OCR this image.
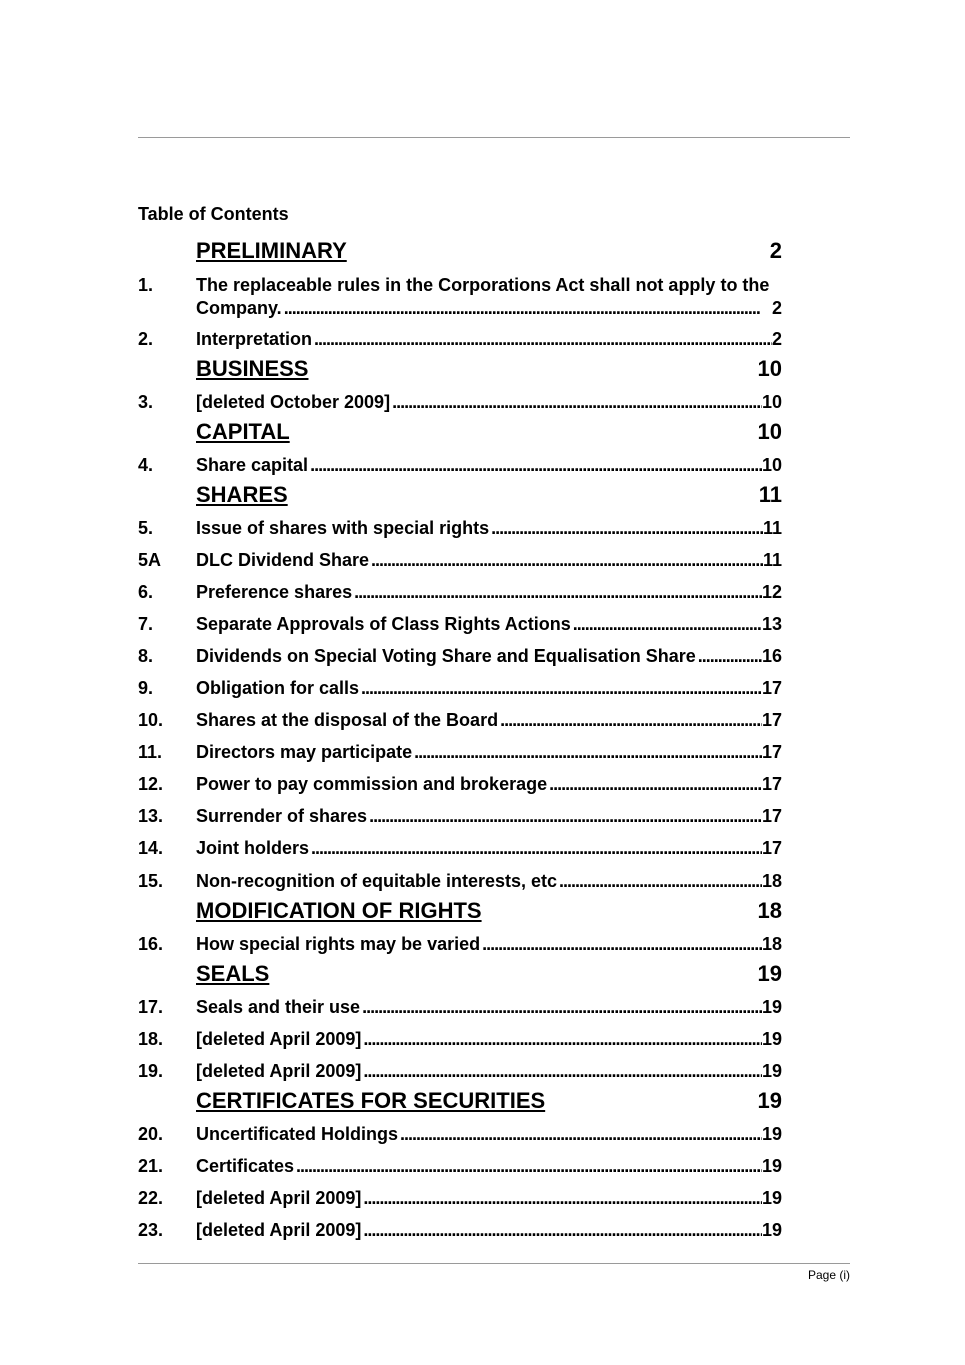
Table of Contents
PRELIMINARY	2
1. The replaceable rules in the Corporations Act shall not apply to the
Company. . . .	2
2. Interpretation . . .	2
BUSINESS	10
3. [deleted October 2009] . . .	10
CAPITAL	10
4. Share capital . . .	10
SHARES	11
5. Issue of shares with special rights . . .	11
5A DLC Dividend Share . . .	11
6. Preference shares . . .	12
7. Separate Approvals of Class Rights Actions . . .	13
8. Dividends on Special Voting Share and Equalisation Share . . .	16
9. Obligation for calls . . .	17
10. Shares at the disposal of the Board . . .	17
11. Directors may participate . . .	17
12. Power to pay commission and brokerage . . .	17
13. Surrender of shares . . .	17
14. Joint holders . . .	17
15. Non-recognition of equitable interests, etc . . .	18
MODIFICATION OF RIGHTS	18
16. How special rights may be varied . . .	18
SEALS	19
17. Seals and their use . . .	19
18. [deleted April 2009] . . .	19
19. [deleted April 2009] . . .	19
CERTIFICATES FOR SECURITIES	19
20. Uncertificated Holdings . . .	19
21. Certificates . . .	19
22. [deleted April 2009] . . .	19
23. [deleted April 2009] . . .	19
Page (i)
